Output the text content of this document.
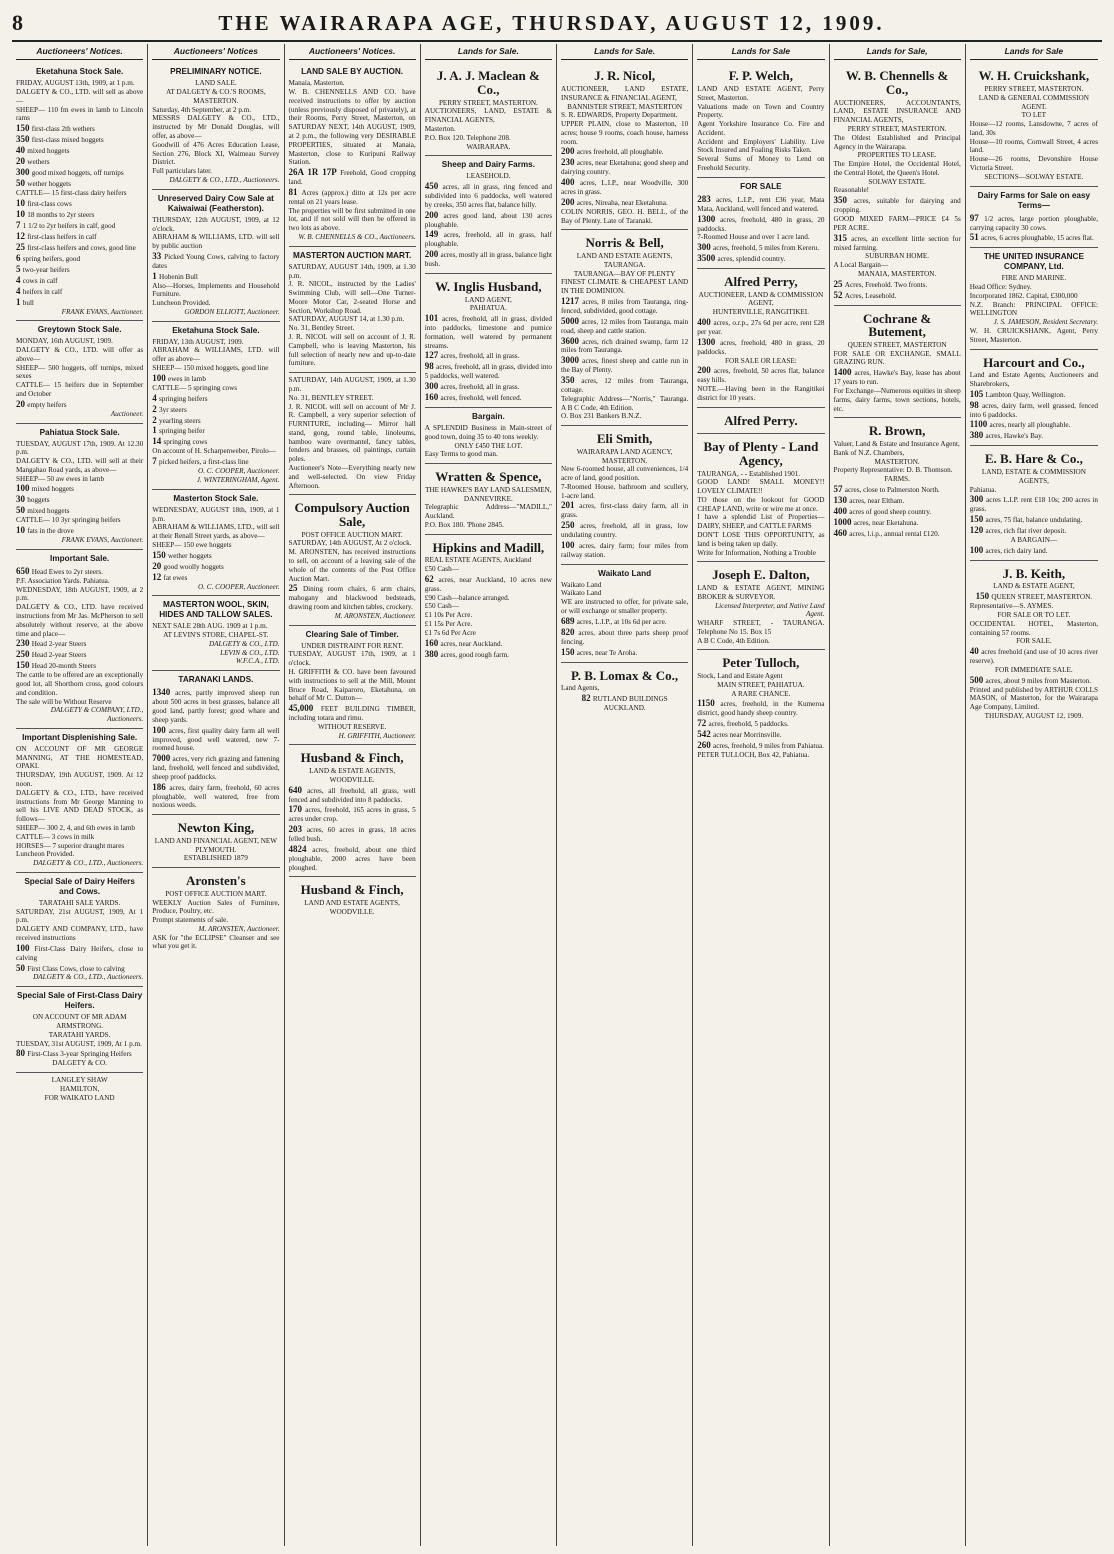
8	THE WAIRARAPA AGE, THURSDAY, AUGUST 12, 1909.
Auctioneers' Notices.
Eketahuna Stock Sale.
FRIDAY, AUGUST 13th, 1909, at 1 p.m.
DALGETY & CO., LTD. will sell as above—
SHEEP— 110 fm ewes in lamb to Lincoln rams
150 first-class 2th wethers
350 first-class mixed hoggets
40 mixed hoggets
20 wethers
300 good mixed hoggets, off turnips
50 wether hoggets
CATTLE— 15 first-class dairy heifers
10 first-class cows
10 18 months to 2yr steers
7 1 1/2 to 2yr heifers in calf, good
12 first-class heifers in calf
25 first-class heifers and cows, good line
6 spring heifers, good
5 two-year heifers
4 cows in calf
4 heifers in calf
1 bull
FRANK EVANS, Auctioneer.
Greytown Stock Sale.
MONDAY, 16th AUGUST, 1909.
DALGETY & CO., LTD. will offer as above—
SHEEP— 500 hoggets, off turnips, mixed sexes
CATTLE— 15 heifers due in September and October
20 empty heifers
Auctioneer.
Pahiatua Stock Sale.
TUESDAY, AUGUST 17th, 1909. At 12.30 p.m.
DALGETY & CO., LTD. will sell at their Mangahao Road yards, as above—
SHEEP— 50 aw ewes in lamb
100 mixed hoggets
30 hoggets
50 mixed hoggets
CATTLE— 10 3yr springing heifers
10 fats in the drove
FRANK EVANS, Auctioneer.
Important Sale.
650 Head Ewes to 2yr steers.
P.F. Association Yards. Pahiatua.
WEDNESDAY, 18th AUGUST, 1909, at 2 p.m.
DALGETY & CO., LTD. have received instructions from Mr Jas. McPherson to sell absolutely without reserve, at the above time and place—
230 Head 2-year Steers
250 Head 2-year Steers
150 Head 20-month Steers
The cattle to be offered are an exceptionally good lot, all Shorthorn cross, good colours and condition.
The sale will be Without Reserve
DALGETY & COMPANY, LTD., Auctioneers.
Important Displenishing Sale.
ON ACCOUNT OF MR GEORGE MANNING, AT THE HOMESTEAD, OPAKI.
THURSDAY, 19th AUGUST, 1909. At 12 noon.
DALGETY & CO., LTD., have received instructions from Mr George Manning to sell his LIVE AND DEAD STOCK, as follows—
SHEEP— 300 2, 4, and 6th ewes in lamb
CATTLE— 3 cows in milk
HORSES— 7 superior draught mares
Luncheon Provided.
DALGETY & CO., LTD., Auctioneers.
Special Sale of Dairy Heifers and Cows.
TARATAHI SALE YARDS.
SATURDAY, 21st AUGUST, 1909, At 1 p.m.
DALGETY AND COMPANY, LTD., have received instructions
100 First-Class Dairy Heifers, close to calving
50 First Class Cows, close to calving
DALGETY & CO., LTD., Auctioneers.
Special Sale of First-Class Dairy Heifers.
ON ACCOUNT OF MR ADAM ARMSTRONG.
TARATAHI YARDS.
TUESDAY, 31st AUGUST, 1909, At 1 p.m.
80 First-Class 3-year Springing Heifers
DALGETY & CO.
LANGLEY SHAW
HAMILTON,
FOR WAIKATO LAND
Auctioneers' Notices
PRELIMINARY NOTICE.
LAND SALE.
AT DALGETY & CO.'S ROOMS, MASTERTON.
Saturday, 4th September, at 2 p.m.
MESSRS DALGETY & CO., LTD., instructed by Mr Donald Douglas, will offer, as above—
Goodwill of 476 Acres Education Lease, Section 276, Block XI, Waimeau Survey District.
Full particulars later.
DALGETY & CO., LTD., Auctioneers.
Unreserved Dairy Cow Sale at Kaiwaiwai (Featherston).
THURSDAY, 12th AUGUST, 1909, at 12 o'clock.
ABRAHAM & WILLIAMS, LTD. will sell by public auction
33 Picked Young Cows, calving to factory dates
1 Hobenin Bull
Also—Horses, Implements and Household Furniture.
Luncheon Provided.
GORDON ELLIOTT, Auctioneer.
Eketahuna Stock Sale.
FRIDAY, 13th AUGUST, 1909.
ABRAHAM & WILLIAMS, LTD. will offer as above—
SHEEP— 150 mixed hoggets, good line
100 ewes in lamb
CATTLE— 5 springing cows
4 springing heifers
2 3yr steers
2 yearling steers
1 springing heifer
14 springing cows
On account of H. Scharpenweber, Pirolo—
7 picked heifers, a first-class line
O. C. COOPER, Auctioneer.
J. WINTERINGHAM, Agent.
Masterton Stock Sale.
WEDNESDAY, AUGUST 18th, 1909, at 1 p.m.
ABRAHAM & WILLIAMS, LTD., will sell at their Renall Street yards, as above—
SHEEP— 150 ewe hoggets
150 wether hoggets
20 good woolly hoggets
12 fat ewes
O. C. COOPER, Auctioneer.
MASTERTON WOOL, SKIN, HIDES AND TALLOW SALES.
NEXT SALE 28th AUG. 1909 at 1 p.m.
AT LEVIN'S STORE, CHAPEL-ST.
DALGETY & CO., LTD.
LEVIN & CO., LTD.
W.F.C.A., LTD.
TARANAKI LANDS.
1340 acres, partly improved sheep run about 500 acres in best grasses, balance all good land, partly forest; good whare and sheep yards.
100 acres, first quality dairy farm all well improved, good well watered, new 7-roomed house.
7000 acres, very rich grazing and fattening land, freehold, well fenced and subdivided, sheep proof paddocks.
186 acres, dairy farm, freehold, 60 acres ploughable, well watered, free from noxious weeds.
Newton King,
LAND AND FINANCIAL AGENT, NEW PLYMOUTH.
ESTABLISHED 1879
Aronsten's
POST OFFICE AUCTION MART.
WEEKLY Auction Sales of Furniture, Produce, Poultry, etc.
Prompt statements of sale.
M. ARONSTEN, Auctioneer.
ASK for "the ECLIPSE" Cleanser and see what you get it.
Auctioneers' Notices.
LAND SALE BY AUCTION.
Manaia, Masterton.
W. B. CHENNELLS AND CO. have received instructions to offer by auction (unless previously disposed of privately), at their Rooms, Perry Street, Masterton, on SATURDAY NEXT, 14th AUGUST, 1909, at 2 p.m., the following very DESIRABLE PROPERTIES, situated at Manaia, Masterton, close to Kuripuni Railway Station.
26A 1R 17P Freehold, Good cropping land.
81 Acres (approx.) ditto at 12s per acre rental on 21 years lease.
The properties will be first submitted in one lot, and if not sold will then be offered in two lots as above.
W. B. CHENNELLS & CO., Auctioneers.
MASTERTON AUCTION MART.
SATURDAY, AUGUST 14th, 1909, at 1.30 p.m.
J. R. NICOL, instructed by the Ladies' Swimming Club, will sell—One Turner-Moore Motor Car, 2-seated Horse and Section, Workshop Road.
SATURDAY, AUGUST 14, at 1.30 p.m.
No. 31, Bentley Street.
J. R. NICOL will sell on account of J. R. Campbell, who is leaving Masterton, his full selection of nearly new and up-to-date furniture.
SATURDAY, 14th AUGUST, 1909, at 1.30 p.m.
No. 31, BENTLEY STREET.
J. R. NICOL will sell on account of Mr J. R. Campbell, a very superior selection of FURNITURE, including— Mirror hall stand, gong, round table, linoleums, bamboo ware overmantel, fancy tables, fenders and brasses, oil paintings, curtain poles.
Auctioneer's Note—Everything nearly new and well-selected. On view Friday Afternoon.
Compulsory Auction Sale,
POST OFFICE AUCTION MART.
SATURDAY, 14th AUGUST, At 2 o'clock.
M. ARONSTEN, has received instructions to sell, on account of a leaving sale of the whole of the contents of the Post Office Auction Mart.
25 Dining room chairs, 6 arm chairs, mahogany and blackwood bedsteads, drawing room and kitchen tables, crockery.
M. ARONSTEN, Auctioneer.
Clearing Sale of Timber.
UNDER DISTRAINT FOR RENT.
TUESDAY, AUGUST 17th, 1909, at 1 o'clock.
H. GRIFFITH & CO. have been favoured with instructions to sell at the Mill, Mount Bruce Road, Kaiparoro, Eketahuna, on behalf of Mr C. Dutton—
45,000 FEET BUILDING TIMBER, including totara and rimu.
WITHOUT RESERVE.
H. GRIFFITH, Auctioneer.
Husband & Finch,
LAND & ESTATE AGENTS,
WOODVILLE.
640 acres, all freehold, all grass, well fenced and subdivided into 8 paddocks.
170 acres, freehold, 165 acres in grass, 5 acres under crop.
203 acres, 60 acres in grass, 18 acres felled bush.
4824 acres, freehold, about one third ploughable, 2000 acres have been ploughed.
Husband & Finch,
LAND AND ESTATE AGENTS,
WOODVILLE.
Lands for Sale.
J. A. J. Maclean & Co.,
PERRY STREET, MASTERTON.
AUCTIONEERS, LAND, ESTATE & FINANCIAL AGENTS,
Masterton.
P.O. Box 120. Telephone 208.
WAIRARAPA.
Sheep and Dairy Farms.
LEASEHOLD.
450 acres, all in grass, ring fenced and subdivided into 6 paddocks, well watered by creeks, 350 acres flat, balance hilly.
200 acres good land, about 130 acres ploughable.
149 acres, freehold, all in grass, half ploughable.
200 acres, mostly all in grass, balance light bush.
W. Inglis Husband,
LAND AGENT,
PAHIATUA.
101 acres, freehold, all in grass, divided into paddocks, limestone and pumice formation, well watered by permanent streams.
127 acres, freehold, all in grass.
98 acres, freehold, all in grass, divided into 5 paddocks, well watered.
300 acres, freehold, all in grass.
160 acres, freehold, well fenced.
Bargain.
A SPLENDID Business in Main-street of good town, doing 35 to 40 tons weekly.
ONLY £450 THE LOT.
Easy Terms to good man.
Wratten & Spence,
THE HAWKE'S BAY LAND SALESMEN,
DANNEVIRKE.
Telegraphic Address—"MADILL," Auckland.
P.O. Box 180. 'Phone 2845.
Hipkins and Madill,
REAL ESTATE AGENTS, Auckland
£50 Cash—
62 acres, near Auckland, 10 acres new grass.
£90 Cash—balance arranged.
£50 Cash—
£1 10s Per Acre.
£1 15s Per Acre.
£1 7s 6d Per Acre
160 acres, near Auckland.
380 acres, good rough farm.
Lands for Sale.
J. R. Nicol,
AUCTIONEER, LAND ESTATE, INSURANCE & FINANCIAL AGENT,
BANNISTER STREET, MASTERTON
S. R. EDWARDS, Property Department.
UPPER PLAIN, close to Masterton, 10 acres; house 9 rooms, coach house, harness room.
200 acres freehold, all ploughable.
230 acres, near Eketahuna; good sheep and dairying country.
400 acres, L.I.P., near Woodville, 300 acres in grass.
200 acres, Nireaha, near Eketahuna.
COLIN NORRIS, GEO. H. BELL, of the Bay of Plenty. Late of Taranaki.
Norris & Bell,
LAND AND ESTATE AGENTS, TAURANGA.
TAURANGA—BAY OF PLENTY
FINEST CLIMATE & CHEAPEST LAND IN THE DOMINION.
1217 acres, 8 miles from Tauranga, ring-fenced, subdivided, good cottage.
5000 acres, 12 miles from Tauranga, main road, sheep and cattle station.
3600 acres, rich drained swamp, farm 12 miles from Tauranga.
3000 acres, finest sheep and cattle run in the Bay of Plenty.
350 acres, 12 miles from Tauranga, cottage.
Telegraphic Address—"Norris," Tauranga. A B C Code, 4th Edition.
O. Box 231 Bankers B.N.Z.
Eli Smith,
WAIRARAPA LAND AGENCY, MASTERTON.
New 6-roomed house, all conveniences, 1/4 acre of land, good position.
7-Roomed House, bathroom and scullery, 1-acre land.
201 acres, first-class dairy farm, all in grass.
250 acres, freehold, all in grass, low undulating country.
100 acres, dairy farm; four miles from railway station.
Waikato Land
Waikato Land
Waikato Land
WE are instructed to offer, for private sale, or will exchange or smaller property.
689 acres, L.I.P., at 10s 6d per acre.
820 acres, about three parts sheep proof fencing.
150 acres, near Te Aroha.
P. B. Lomax & Co.,
Land Agents,
82 RUTLAND BUILDINGS AUCKLAND.
Lands for Sale
F. P. Welch,
LAND AND ESTATE AGENT, Perry Street, Masterton.
Valuations made on Town and Country Property.
Agent Yorkshire Insurance Co. Fire and Accident.
Accident and Employers' Liability. Live Stock Insured and Foaling Risks Taken.
Several Sums of Money to Lend on Freehold Security.
FOR SALE
283 acres, L.I.P., rent £36 year, Mata Mata, Auckland, well fenced and watered.
1300 acres, freehold, 480 in grass, 20 paddocks.
7-Roomed House and over 1 acre land.
300 acres, freehold, 5 miles from Kereru.
3500 acres, splendid country.
Alfred Perry,
AUCTIONEER, LAND & COMMISSION AGENT,
HUNTERVILLE, RANGITIKEI.
400 acres, o.r.p., 27s 6d per acre, rent £28 per year.
1300 acres, freehold, 480 in grass, 20 paddocks.
FOR SALE OR LEASE:
200 acres, freehold, 50 acres flat, balance easy hills.
NOTE.—Having been in the Rangitikei district for 10 years.
Alfred Perry.
Bay of Plenty - Land Agency,
TAURANGA, - - Established 1901.
GOOD LAND! SMALL MONEY!! LOVELY CLIMATE!!
TO those on the lookout for GOOD CHEAP LAND, write or wire me at once.
I have a splendid List of Properties—DAIRY, SHEEP, and CATTLE FARMS
DON'T LOSE THIS OPPORTUNITY, as land is being taken up daily.
Write for Information, Nothing a Trouble
Joseph E. Dalton,
LAND & ESTATE AGENT, MINING BROKER & SURVEYOR.
Licensed Interpreter, and Native Land Agent.
WHARF STREET, - TAURANGA. Telephone No 15. Box 15
A B C Code, 4th Edition.
Peter Tulloch,
Stock, Land and Estate Agent
MAIN STREET, PAHIATUA.
A RARE CHANCE.
1150 acres, freehold, in the Kumeroa district, good handy sheep country.
72 acres, freehold, 5 paddocks.
542 acres near Morrinsville.
260 acres, freehold, 9 miles from Pahiatua.
PETER TULLOCH, Box 42, Pahiatua.
Lands for Sale,
W. B. Chennells & Co.,
AUCTIONEERS, ACCOUNTANTS, LAND, ESTATE INSURANCE AND FINANCIAL AGENTS,
PERRY STREET, MASTERTON.
The Oldest Established and Principal Agency in the Wairarapa.
PROPERTIES TO LEASE.
The Empire Hotel, the Occidental Hotel, the Central Hotel, the Queen's Hotel.
SOLWAY ESTATE.
Reasonable!
350 acres, suitable for dairying and cropping.
GOOD MIXED FARM—PRICE £4 5s PER ACRE.
315 acres, an excellent little section for mixed farming.
SUBURBAN HOME.
A Local Bargain—
MANAIA, MASTERTON.
25 Acres, Freehold. Two fronts.
52 Acres, Leasehold.
Cochrane & Butement,
QUEEN STREET, MASTERTON
FOR SALE OR EXCHANGE. SMALL GRAZING RUN.
1400 acres, Hawke's Bay, lease has about 17 years to run.
For Exchange—Numerous equities in sheep farms, dairy farms, town sections, hotels, etc.
R. Brown,
Valuer, Land & Estate and Insurance Agent,
Bank of N.Z. Chambers,
MASTERTON.
Property Representative: D. B. Thomson.
FARMS.
57 acres, close to Palmerston North.
130 acres, near Eltham.
400 acres of good sheep country.
1000 acres, near Eketahuna.
460 acres, l.i.p., annual rental £120.
Lands for Sale
W. H. Cruickshank,
PERRY STREET, MASTERTON.
LAND & GENERAL COMMISSION AGENT.
TO LET
House—12 rooms, Lansdowne, 7 acres of land, 30s
House—10 rooms, Cornwall Street, 4 acres land.
House—26 rooms, Devonshire House Victoria Street.
SECTIONS—SOLWAY ESTATE.
Dairy Farms for Sale on easy Terms—
97 1/2 acres, large portion ploughable, carrying capacity 30 cows.
51 acres, 6 acres ploughable, 15 acres flat.
THE UNITED INSURANCE COMPANY, Ltd.
FIRE AND MARINE.
Head Office: Sydney.
Incorporated 1862. Capital, £300,000
N.Z. Branch: PRINCIPAL OFFICE: WELLINGTON
J. S. JAMESON, Resident Secretary.
W. H. CRUICKSHANK, Agent, Perry Street, Masterton.
Harcourt and Co.,
Land and Estate Agents, Auctioneers and Sharebrokers,
105 Lambton Quay, Wellington.
98 acres, dairy farm, well grassed, fenced into 6 paddocks.
1100 acres, nearly all ploughable.
380 acres, Hawke's Bay.
E. B. Hare & Co.,
LAND, ESTATE & COMMISSION AGENTS,
Pahiatua.
300 acres L.I.P. rent £18 10s; 200 acres in grass.
150 acres, 75 flat, balance undulating.
120 acres, rich flat river deposit.
A BARGAIN—
100 acres, rich dairy land.
J. B. Keith,
LAND & ESTATE AGENT,
150 QUEEN STREET, MASTERTON.
Representative—S. AYMES.
FOR SALE OR TO LET.
OCCIDENTAL HOTEL, Masterton, containing 57 rooms.
FOR SALE.
40 acres freehold (and use of 10 acres river reserve).
FOR IMMEDIATE SALE.
500 acres, about 9 miles from Masterton.
Printed and published by ARTHUR COLLS MASON, of Masterton, for the Wairarapa Age Company, Limited.
THURSDAY, AUGUST 12, 1909.
